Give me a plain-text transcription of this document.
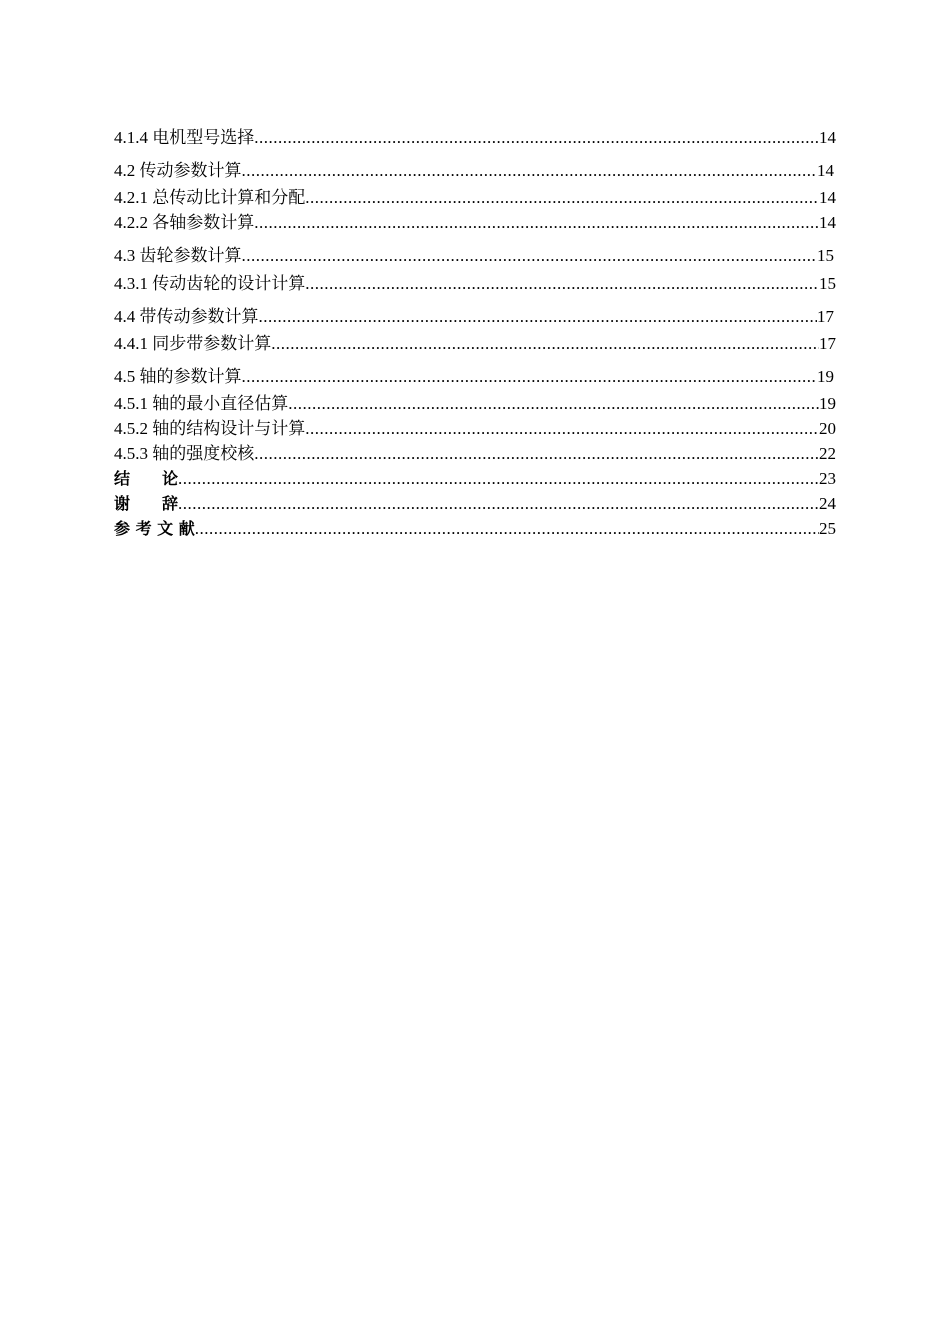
4.1.4 电机型号选择 .....	14
4.2 传动参数计算 .....	14
4.2.1 总传动比计算和分配 .....	14
4.2.2 各轴参数计算 .....	14
4.3 齿轮参数计算 .....	15
4.3.1 传动齿轮的设计计算 .....	15
4.4 带传动参数计算 .....	17
4.4.1 同步带参数计算 .....	17
4.5 轴的参数计算 .....	19
4.5.1 轴的最小直径估算 .....	19
4.5.2 轴的结构设计与计算 .....	20
4.5.3 轴的强度校核 .....	22
结　　论 .....	23
谢　　辞 .....	24
参 考 文 献 .....	25
